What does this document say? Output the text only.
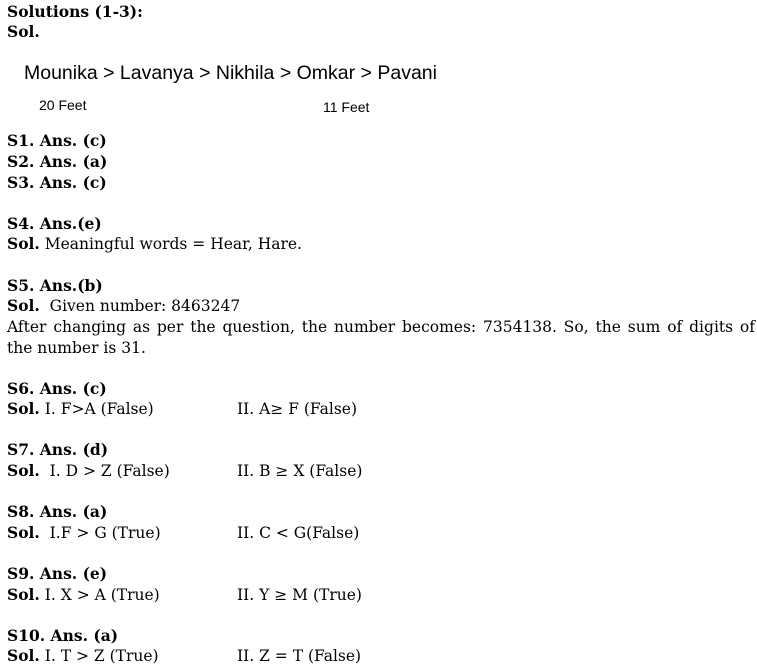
Solutions (1-3):
Sol.
Mounika > Lavanya > Nikhila > Omkar > Pavani
20 Feet	11 Feet
S1. Ans. (c)
S2. Ans. (a)
S3. Ans. (c)
S4. Ans.(e)
Sol. Meaningful words = Hear, Hare.
S5. Ans.(b)
Sol.  Given number: 8463247
After changing as per the question, the number becomes: 7354138. So, the sum of digits of the number is 31.
S6. Ans. (c)
Sol. I. F>A (False)	II. A≥ F (False)
S7. Ans. (d)
Sol.  I. D > Z (False)	II. B ≥ X (False)
S8. Ans. (a)
Sol.  I.F > G (True)	II. C < G(False)
S9. Ans. (e)
Sol. I. X > A (True)	II. Y ≥ M (True)
S10. Ans. (a)
Sol. I. T > Z (True)	II. Z = T (False)
